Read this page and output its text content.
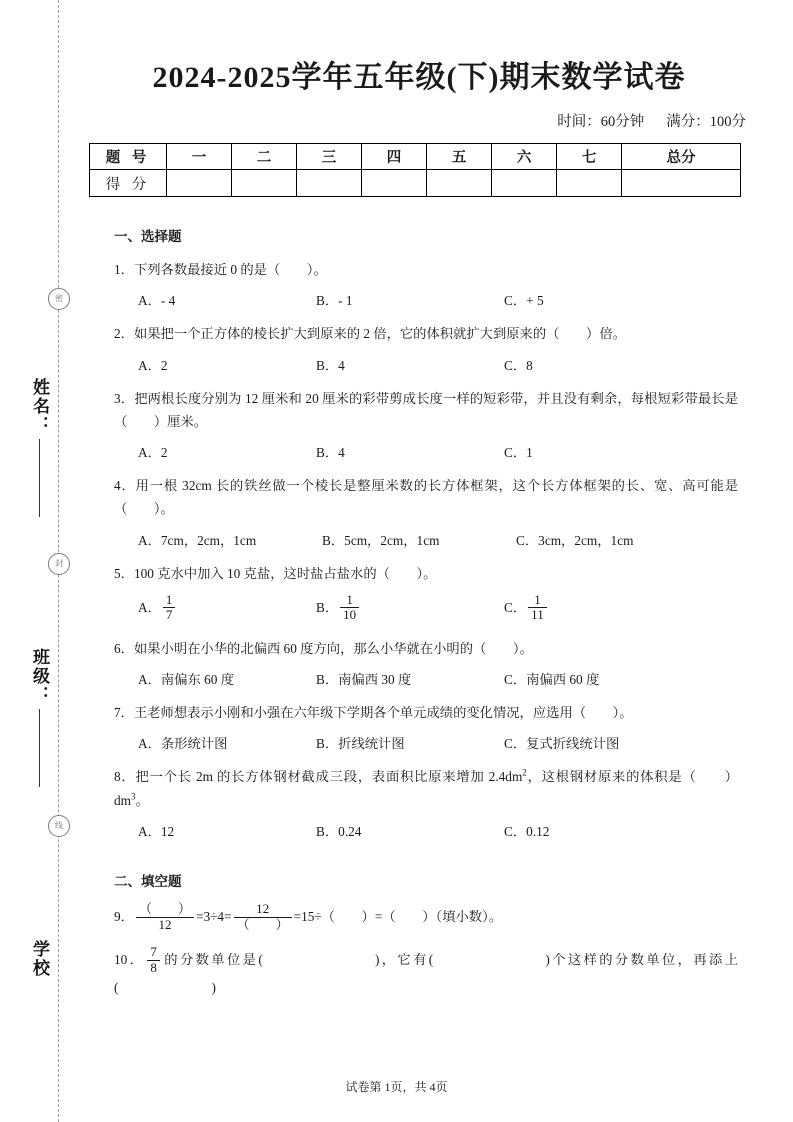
密
封
线
姓名：
班级：
学校
2024-2025学年五年级(下)期末数学试卷
时间：60分钟 满分：100分
题 号	一	二	三	四	五	六	七	总分
得 分								
一、选择题
1．下列各数最接近 0 的是（　　）。
A．- 4	B．- 1	C．+ 5
2．如果把一个正方体的棱长扩大到原来的 2 倍，它的体积就扩大到原来的（　　）倍。
A．2	B．4	C．8
3．把两根长度分别为 12 厘米和 20 厘米的彩带剪成长度一样的短彩带，并且没有剩余，每根短彩带最长是（　　）厘米。
A．2	B．4	C．1
4．用一根 32cm 长的铁丝做一个棱长是整厘米数的长方体框架，这个长方体框架的长、宽、高可能是（　　）。
A．7cm，2cm，1cm	B．5cm，2cm，1cm	C．3cm，2cm，1cm
5．100 克水中加入 10 克盐，这时盐占盐水的（　　）。
A． $\frac{1}{7}$	B． $\frac{1}{10}$	C． $\frac{1}{11}$
6．如果小明在小华的北偏西 60 度方向，那么小华就在小明的（　　）。
A．南偏东 60 度	B．南偏西 30 度	C．南偏西 60 度
7．王老师想表示小刚和小强在六年级下学期各个单元成绩的变化情况，应选用（　　）。
A．条形统计图	B．折线统计图	C．复式折线统计图
8．把一个长 2m 的长方体钢材截成三段，表面积比原来增加 $2.4dm^2$，这根钢材原来的体积是（　　）$dm^3$。
A．12	B．0.24	C．0.12
二、填空题
9． $\frac{( )}{12} =3\div 4= \frac{12}{( )} =15\div$（　　）=（　　）（填小数）。
10． $\frac{7}{8}$ 的分数单位是(　　　　　　　)，它有(　　　　　　　)个这样的分数单位，再添上(　　　　　　　)
试卷第 1页，共 4页
